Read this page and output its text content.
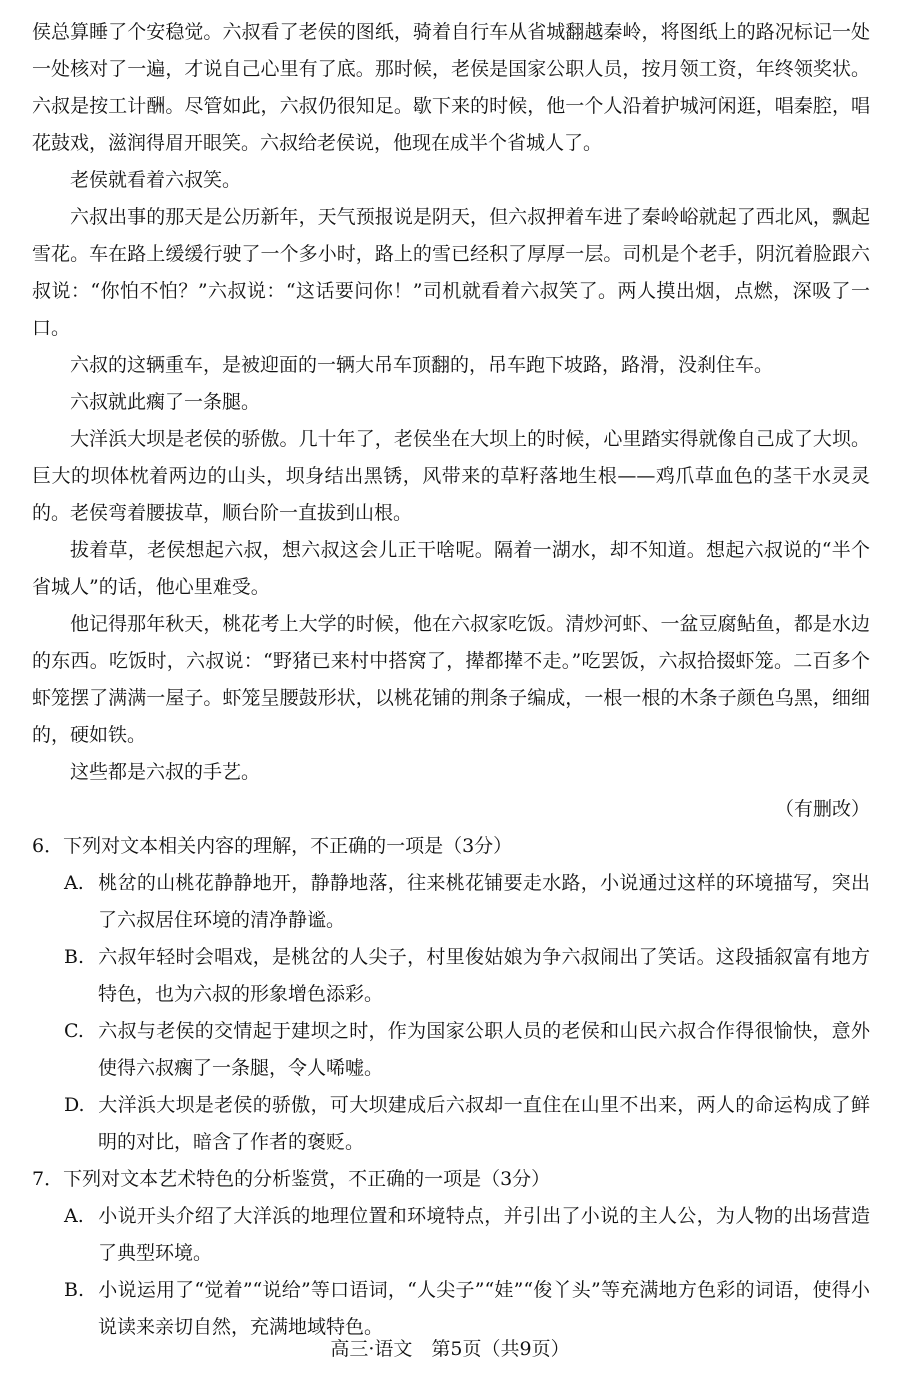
侯总算睡了个安稳觉。六叔看了老侯的图纸，骑着自行车从省城翻越秦岭，将图纸上的路况标记一处一处核对了一遍，才说自己心里有了底。那时候，老侯是国家公职人员，按月领工资，年终领奖状。六叔是按工计酬。尽管如此，六叔仍很知足。歇下来的时候，他一个人沿着护城河闲逛，唱秦腔，唱花鼓戏，滋润得眉开眼笑。六叔给老侯说，他现在成半个省城人了。

老侯就看着六叔笑。

六叔出事的那天是公历新年，天气预报说是阴天，但六叔押着车进了秦岭峪就起了西北风，飘起雪花。车在路上缓缓行驶了一个多小时，路上的雪已经积了厚厚一层。司机是个老手，阴沉着脸跟六叔说：“你怕不怕？”六叔说：“这话要问你！”司机就看着六叔笑了。两人摸出烟，点燃，深吸了一口。

六叔的这辆重车，是被迎面的一辆大吊车顶翻的，吊车跑下坡路，路滑，没刹住车。

六叔就此瘸了一条腿。

大洋浜大坝是老侯的骄傲。几十年了，老侯坐在大坝上的时候，心里踏实得就像自己成了大坝。巨大的坝体枕着两边的山头，坝身结出黑锈，风带来的草籽落地生根——鸡爪草血色的茎干水灵灵的。老侯弯着腰拔草，顺台阶一直拔到山根。

拔着草，老侯想起六叔，想六叔这会儿正干啥呢。隔着一湖水，却不知道。想起六叔说的“半个省城人”的话，他心里难受。

他记得那年秋天，桃花考上大学的时候，他在六叔家吃饭。清炒河虾、一盆豆腐鲇鱼，都是水边的东西。吃饭时，六叔说：“野猪已来村中搭窝了，撵都撵不走。”吃罢饭，六叔拾掇虾笼。二百多个虾笼摆了满满一屋子。虾笼呈腰鼓形状，以桃花铺的荆条子编成，一根一根的木条子颜色乌黑，细细的，硬如铁。

这些都是六叔的手艺。

（有删改）

6．下列对文本相关内容的理解，不正确的一项是（3分）

A. 桃岔的山桃花静静地开，静静地落，往来桃花铺要走水路，小说通过这样的环境描写，突出了六叔居住环境的清净静谧。

B. 六叔年轻时会唱戏，是桃岔的人尖子，村里俊姑娘为争六叔闹出了笑话。这段插叙富有地方特色，也为六叔的形象增色添彩。

C. 六叔与老侯的交情起于建坝之时，作为国家公职人员的老侯和山民六叔合作得很愉快，意外使得六叔瘸了一条腿，令人唏嘘。

D. 大洋浜大坝是老侯的骄傲，可大坝建成后六叔却一直住在山里不出来，两人的命运构成了鲜明的对比，暗含了作者的褒贬。

7．下列对文本艺术特色的分析鉴赏，不正确的一项是（3分）

A. 小说开头介绍了大洋浜的地理位置和环境特点，并引出了小说的主人公，为人物的出场营造了典型环境。

B. 小说运用了“觉着”“说给”等口语词，“人尖子”“娃”“俊丫头”等充满地方色彩的词语，使得小说读来亲切自然，充满地域特色。

高三·语文　第5页（共9页）
